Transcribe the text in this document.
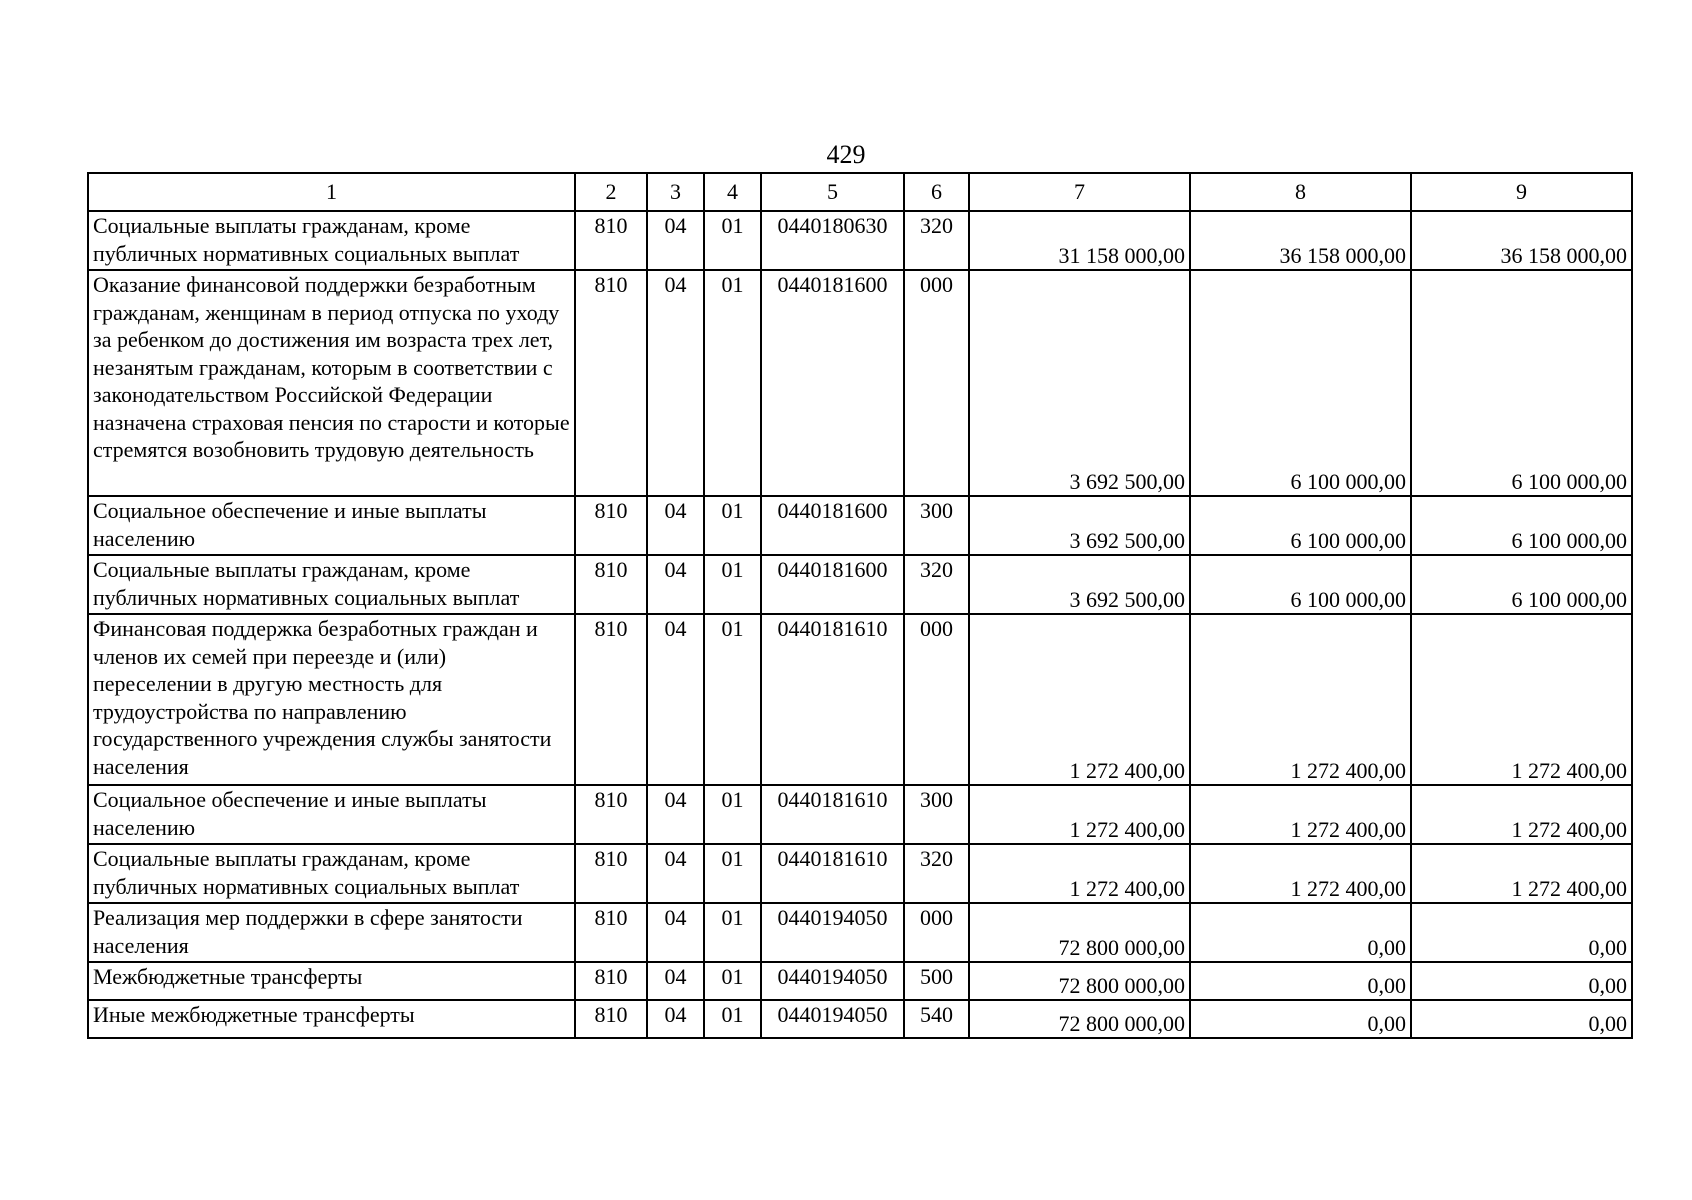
429
1	2	3	4	5	6	7	8	9
Социальные выплаты гражданам, кроме публичных нормативных социальных выплат	810	04	01	0440180630	320	31 158 000,00	36 158 000,00	36 158 000,00
Оказание финансовой поддержки безработным гражданам, женщинам в период отпуска по уходу за ребенком до достижения им возраста трех лет, незанятым гражданам, которым в соответствии с законодательством Российской Федерации назначена страховая пенсия по старости и которые стремятся возобновить трудовую деятельность	810	04	01	0440181600	000	3 692 500,00	6 100 000,00	6 100 000,00
Социальное обеспечение и иные выплаты населению	810	04	01	0440181600	300	3 692 500,00	6 100 000,00	6 100 000,00
Социальные выплаты гражданам, кроме публичных нормативных социальных выплат	810	04	01	0440181600	320	3 692 500,00	6 100 000,00	6 100 000,00
Финансовая поддержка безработных граждан и членов их семей при переезде и (или) переселении в другую местность для трудоустройства по направлению государственного учреждения службы занятости населения	810	04	01	0440181610	000	1 272 400,00	1 272 400,00	1 272 400,00
Социальное обеспечение и иные выплаты населению	810	04	01	0440181610	300	1 272 400,00	1 272 400,00	1 272 400,00
Социальные выплаты гражданам, кроме публичных нормативных социальных выплат	810	04	01	0440181610	320	1 272 400,00	1 272 400,00	1 272 400,00
Реализация мер поддержки в сфере занятости населения	810	04	01	0440194050	000	72 800 000,00	0,00	0,00
Межбюджетные трансферты	810	04	01	0440194050	500	72 800 000,00	0,00	0,00
Иные межбюджетные трансферты	810	04	01	0440194050	540	72 800 000,00	0,00	0,00
